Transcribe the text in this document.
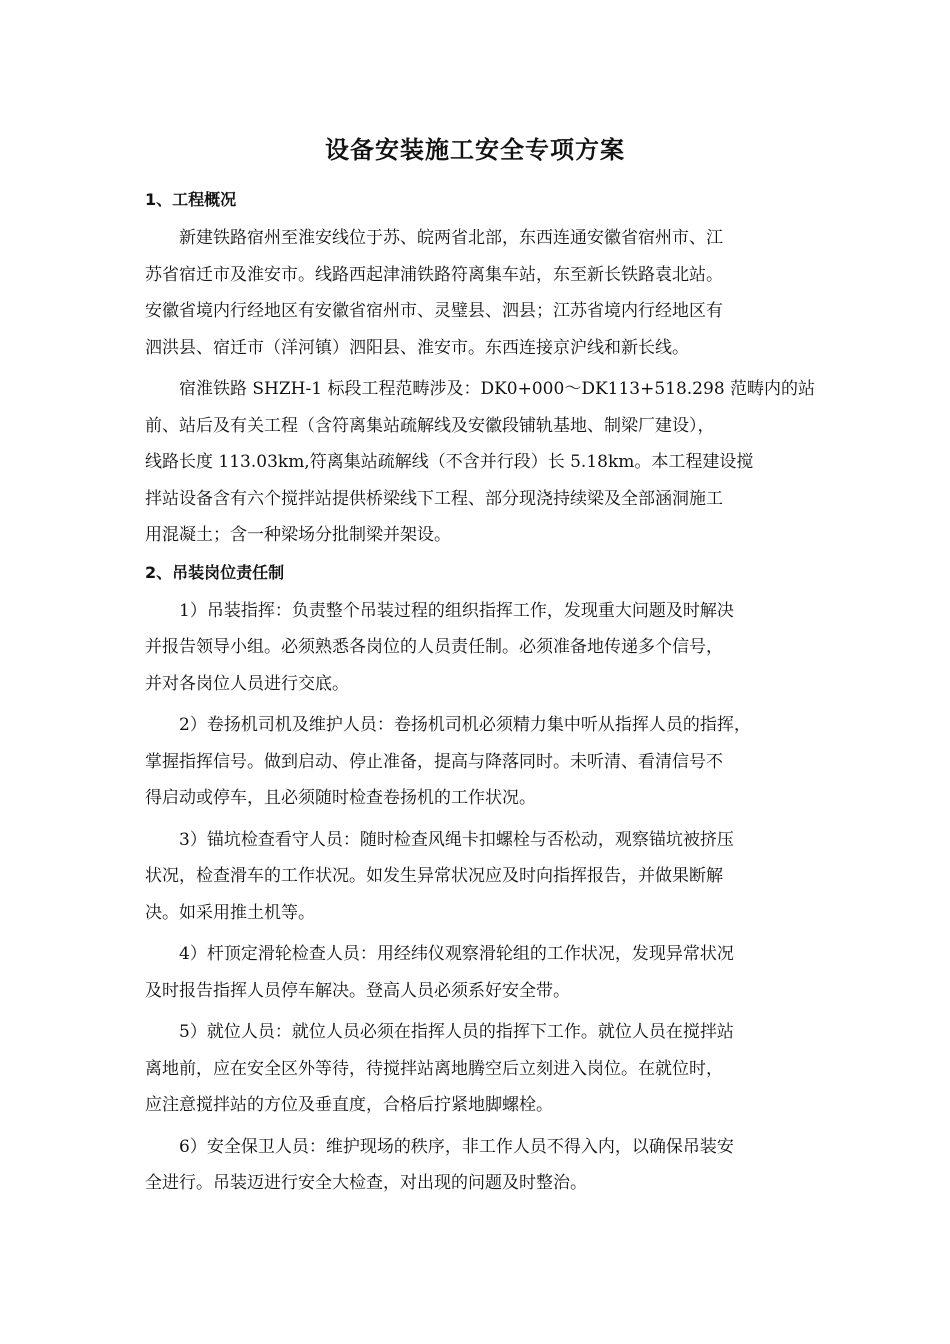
设备安装施工安全专项方案
1、工程概况
新建铁路宿州至淮安线位于苏、皖两省北部，东西连通安徽省宿州市、江
苏省宿迁市及淮安市。线路西起津浦铁路符离集车站，东至新长铁路袁北站。
安徽省境内行经地区有安徽省宿州市、灵璧县、泗县；江苏省境内行经地区有
泗洪县、宿迁市（洋河镇）泗阳县、淮安市。东西连接京沪线和新长线。
宿淮铁路 SHZH-1 标段工程范畴涉及：DK0+000～DK113+518.298 范畴内的站
前、站后及有关工程（含符离集站疏解线及安徽段铺轨基地、制梁厂建设），
线路长度 113.03km,符离集站疏解线（不含并行段）长 5.18km。本工程建设搅
拌站设备含有六个搅拌站提供桥梁线下工程、部分现浇持续梁及全部涵洞施工
用混凝土；含一种梁场分批制梁并架设。
2、吊装岗位责任制
1）吊装指挥：负责整个吊装过程的组织指挥工作，发现重大问题及时解决
并报告领导小组。必须熟悉各岗位的人员责任制。必须准备地传递多个信号，
并对各岗位人员进行交底。
2）卷扬机司机及维护人员：卷扬机司机必须精力集中听从指挥人员的指挥，
掌握指挥信号。做到启动、停止准备，提高与降落同时。未听清、看清信号不
得启动或停车，且必须随时检查卷扬机的工作状况。
3）锚坑检查看守人员：随时检查风绳卡扣螺栓与否松动，观察锚坑被挤压
状况，检查滑车的工作状况。如发生异常状况应及时向指挥报告，并做果断解
决。如采用推土机等。
4）杆顶定滑轮检查人员：用经纬仪观察滑轮组的工作状况，发现异常状况
及时报告指挥人员停车解决。登高人员必须系好安全带。
5）就位人员：就位人员必须在指挥人员的指挥下工作。就位人员在搅拌站
离地前，应在安全区外等待，待搅拌站离地腾空后立刻进入岗位。在就位时，
应注意搅拌站的方位及垂直度，合格后拧紧地脚螺栓。
6）安全保卫人员：维护现场的秩序，非工作人员不得入内，以确保吊装安
全进行。吊装迈进行安全大检查，对出现的问题及时整治。
